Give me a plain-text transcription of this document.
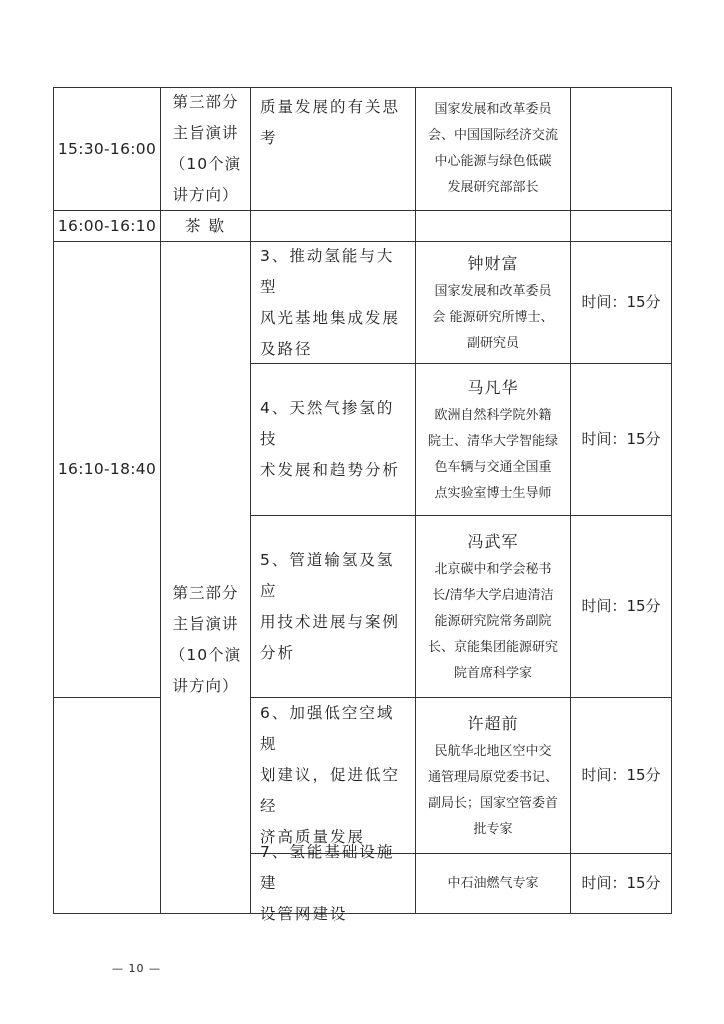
15:30-16:00
第三部分
主旨演讲
（10个演
讲方向）
质量发展的有关思
考
国家发展和改革委员
会、中国国际经济交流
中心能源与绿色低碳
发展研究部部长
16:00-16:10	茶歇
16:10-18:40
第三部分
主旨演讲
（10个演
讲方向）
3、推动氢能与大型
风光基地集成发展
及路径
钟财富
国家发展和改革委员
会 能源研究所博士、
副研究员
时间：15分
4、天然气掺氢的技
术发展和趋势分析
马凡华
欧洲自然科学院外籍
院士、清华大学智能绿
色车辆与交通全国重
点实验室博士生导师
时间：15分
5、管道输氢及氢应
用技术进展与案例
分析
冯武军
北京碳中和学会秘书
长/清华大学启迪清洁
能源研究院常务副院
长、京能集团能源研究
院首席科学家
时间：15分
6、加强低空空域规
划建议，促进低空经
济高质量发展
许超前
民航华北地区空中交
通管理局原党委书记、
副局长；国家空管委首
批专家
时间：15分
7、氢能基础设施建
设管网建设
中石油燃气专家	时间：15分
— 10 —
